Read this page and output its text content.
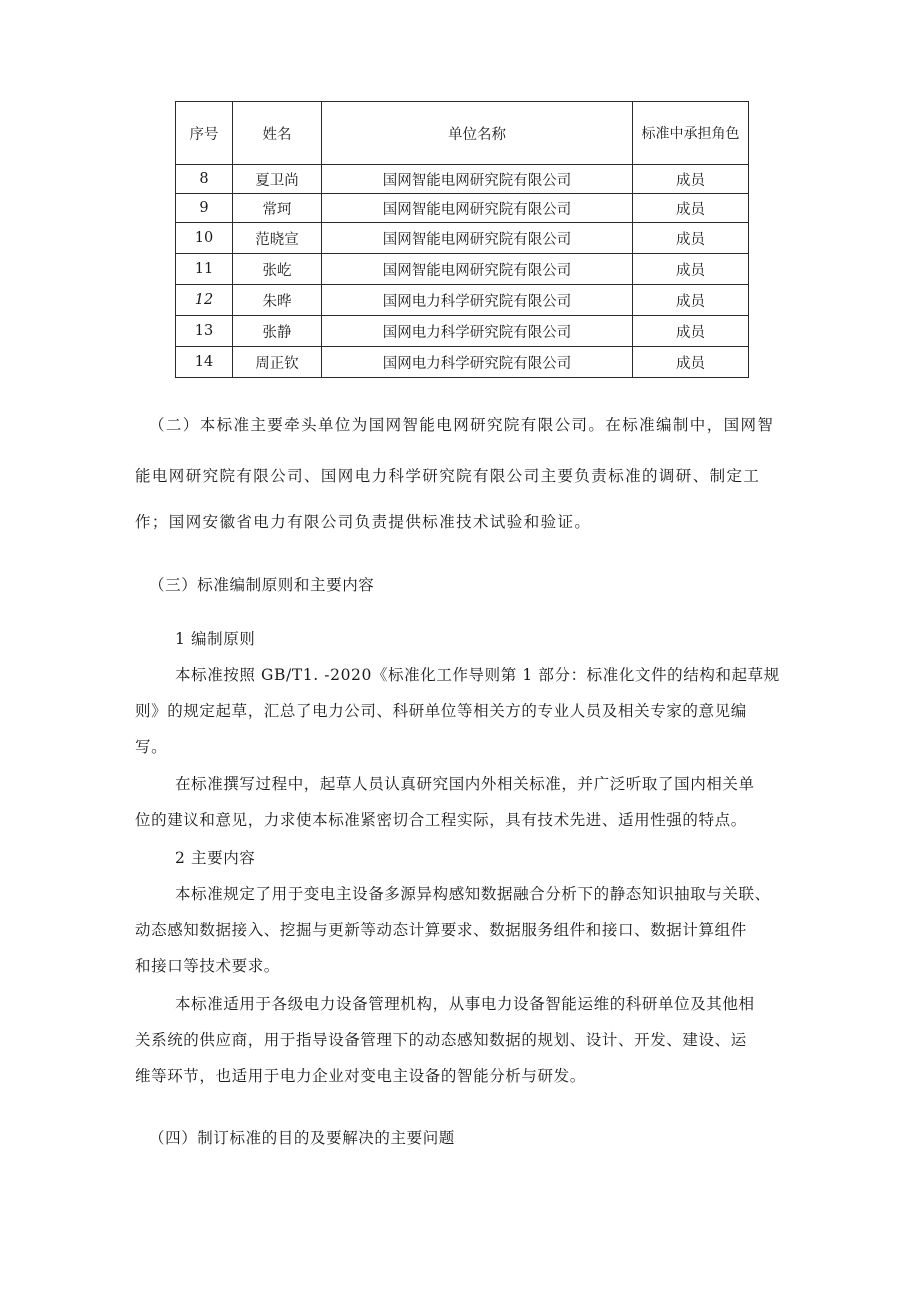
序号	姓名	单位名称	标准中承担角色
8	夏卫尚	国网智能电网研究院有限公司	成员
9	常珂	国网智能电网研究院有限公司	成员
10	范晓宣	国网智能电网研究院有限公司	成员
11	张屹	国网智能电网研究院有限公司	成员
12	朱晔	国网电力科学研究院有限公司	成员
13	张静	国网电力科学研究院有限公司	成员
14	周正钦	国网电力科学研究院有限公司	成员
（二）本标准主要牵头单位为国网智能电网研究院有限公司。在标准编制中，国网智
能电网研究院有限公司、国网电力科学研究院有限公司主要负责标准的调研、制定工
作；国网安徽省电力有限公司负责提供标准技术试验和验证。
（三）标准编制原则和主要内容
1 编制原则
本标准按照 GB/T1. -2020《标准化工作导则第 1 部分：标准化文件的结构和起草规
则》的规定起草，汇总了电力公司、科研单位等相关方的专业人员及相关专家的意见编
写。
在标准撰写过程中，起草人员认真研究国内外相关标准，并广泛听取了国内相关单
位的建议和意见，力求使本标准紧密切合工程实际，具有技术先进、适用性强的特点。
2 主要内容
本标准规定了用于变电主设备多源异构感知数据融合分析下的静态知识抽取与关联、
动态感知数据接入、挖掘与更新等动态计算要求、数据服务组件和接口、数据计算组件
和接口等技术要求。
本标准适用于各级电力设备管理机构，从事电力设备智能运维的科研单位及其他相
关系统的供应商，用于指导设备管理下的动态感知数据的规划、设计、开发、建设、运
维等环节，也适用于电力企业对变电主设备的智能分析与研发。
（四）制订标准的目的及要解决的主要问题
